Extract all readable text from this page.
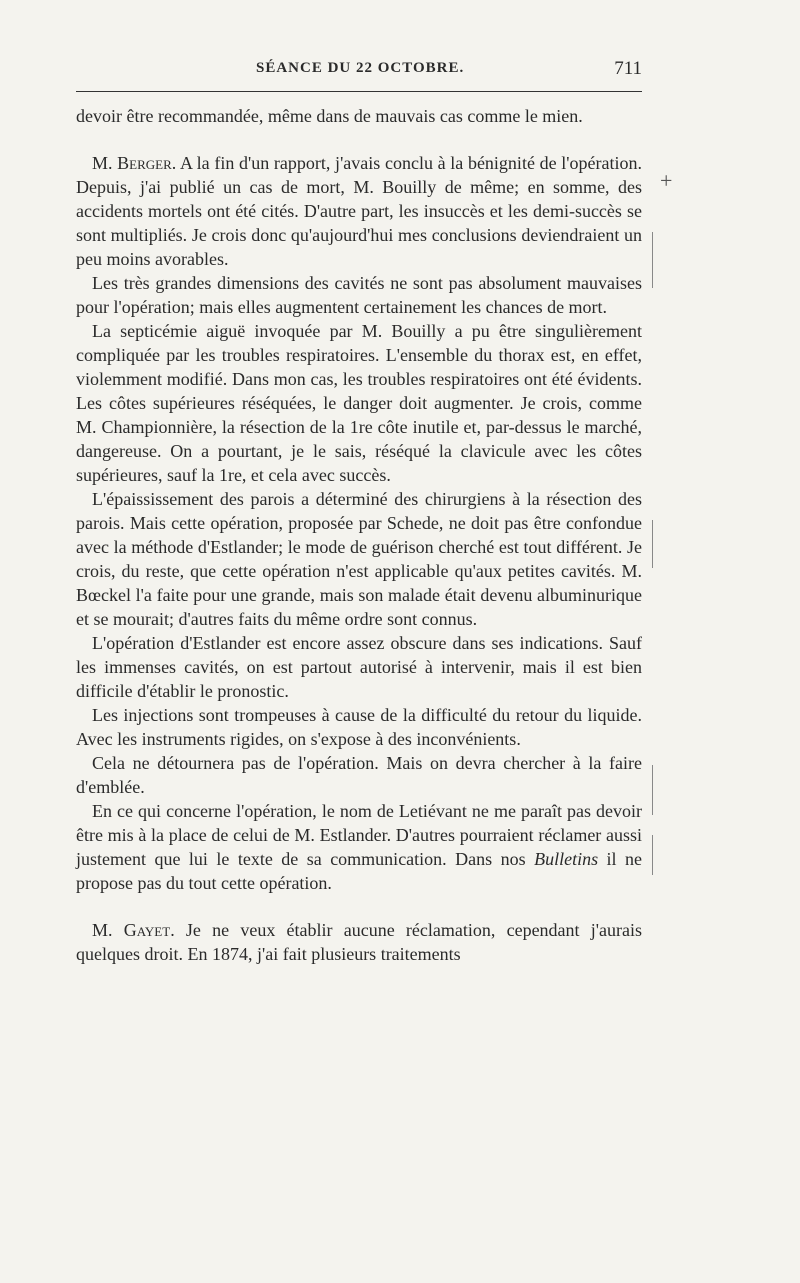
SÉANCE DU 22 OCTOBRE.	711

devoir être recommandée, même dans de mauvais cas comme le mien.

M. Berger. A la fin d'un rapport, j'avais conclu à la bénignité de l'opération. Depuis, j'ai publié un cas de mort, M. Bouilly de même; en somme, des accidents mortels ont été cités. D'autre part, les insuccès et les demi-succès se sont multipliés. Je crois donc qu'aujourd'hui mes conclusions deviendraient un peu moins avorables.

Les très grandes dimensions des cavités ne sont pas absolument mauvaises pour l'opération; mais elles augmentent certainement les chances de mort.

La septicémie aiguë invoquée par M. Bouilly a pu être singulièrement compliquée par les troubles respiratoires. L'ensemble du thorax est, en effet, violemment modifié. Dans mon cas, les troubles respiratoires ont été évidents. Les côtes supérieures réséquées, le danger doit augmenter. Je crois, comme M. Championnière, la résection de la 1re côte inutile et, par-dessus le marché, dangereuse. On a pourtant, je le sais, réséqué la clavicule avec les côtes supérieures, sauf la 1re, et cela avec succès.

L'épaississement des parois a déterminé des chirurgiens à la résection des parois. Mais cette opération, proposée par Schede, ne doit pas être confondue avec la méthode d'Estlander; le mode de guérison cherché est tout différent. Je crois, du reste, que cette opération n'est applicable qu'aux petites cavités. M. Bœckel l'a faite pour une grande, mais son malade était devenu albuminurique et se mourait; d'autres faits du même ordre sont connus.

L'opération d'Estlander est encore assez obscure dans ses indications. Sauf les immenses cavités, on est partout autorisé à intervenir, mais il est bien difficile d'établir le pronostic.

Les injections sont trompeuses à cause de la difficulté du retour du liquide. Avec les instruments rigides, on s'expose à des inconvénients.

Cela ne détournera pas de l'opération. Mais on devra chercher à la faire d'emblée.

En ce qui concerne l'opération, le nom de Letiévant ne me paraît pas devoir être mis à la place de celui de M. Estlander. D'autres pourraient réclamer aussi justement que lui le texte de sa communication. Dans nos Bulletins il ne propose pas du tout cette opération.

M. Gayet. Je ne veux établir aucune réclamation, cependant j'aurais quelques droit. En 1874, j'ai fait plusieurs traitements

+
